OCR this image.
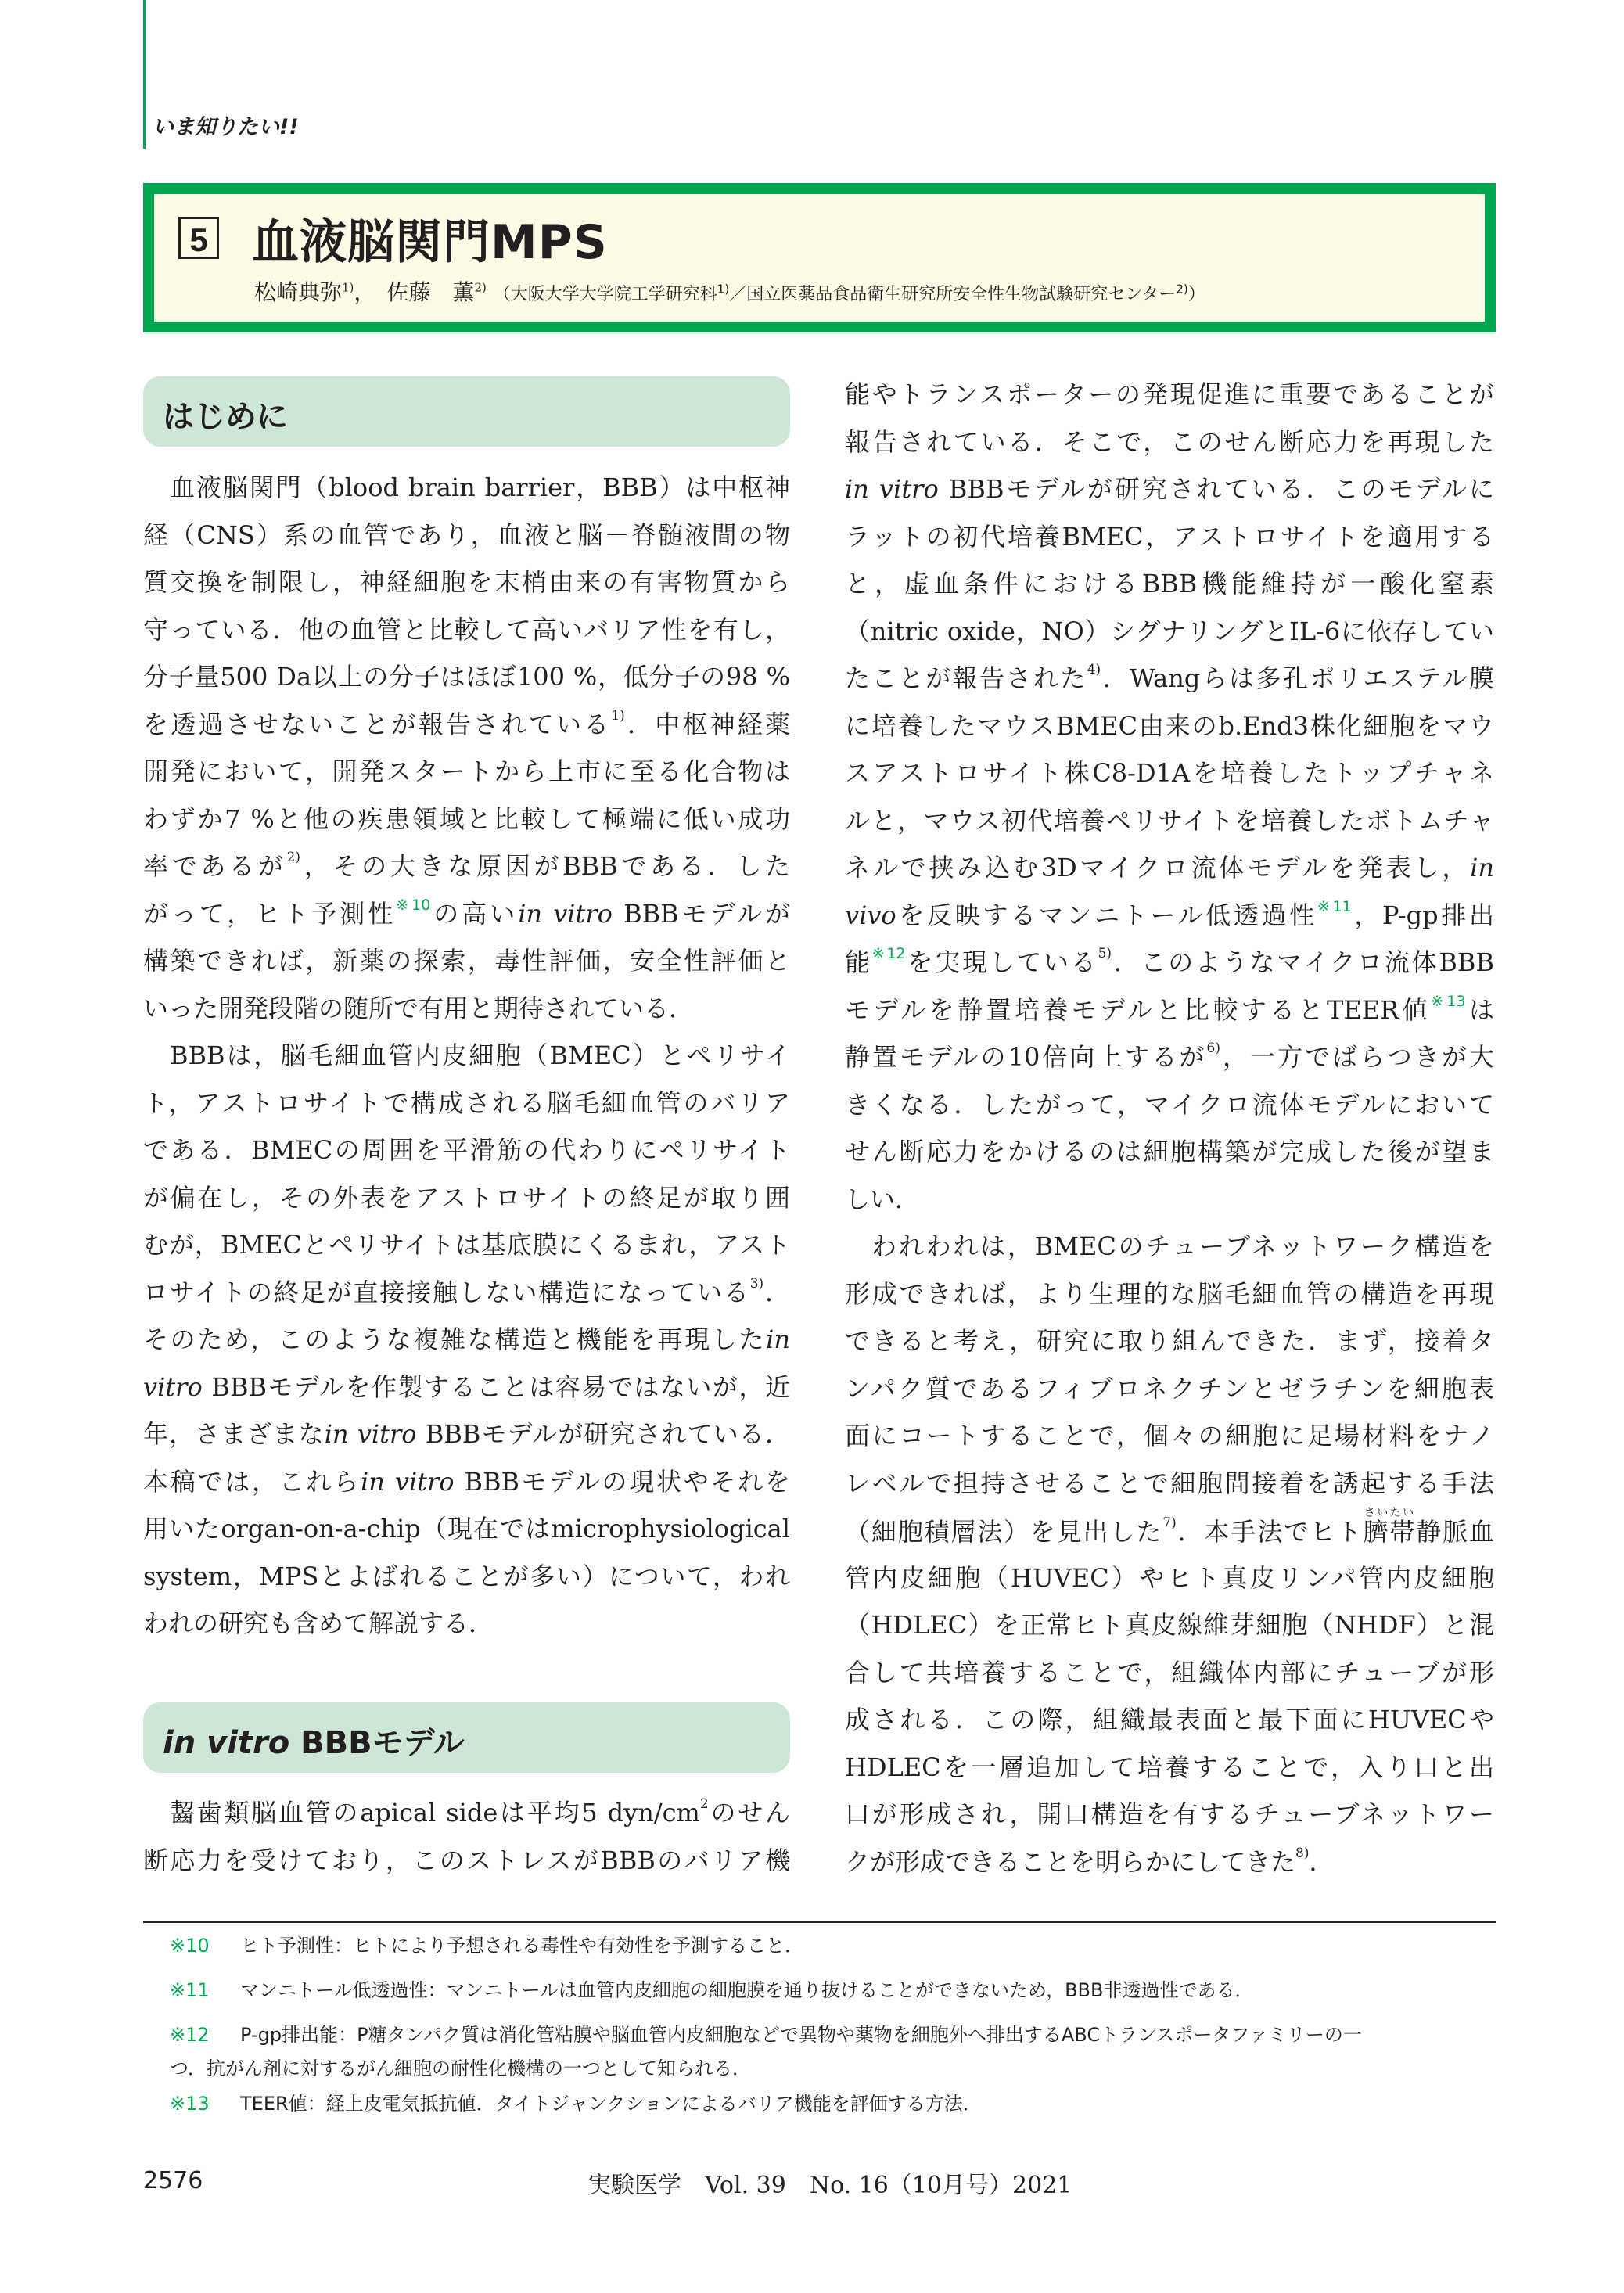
いま知りたい!!
5 血液脳関門MPS
松崎典弥$^{1)}$，　佐藤　薫$^{2)}$ （大阪大学大学院工学研究科$^{1)}$／国立医薬品食品衛生研究所安全性生物試験研究センター$^{2)}$）
はじめに
in vitro BBBモデル
血液脳関門（blood brain barrier，BBB）は中枢神
経（CNS）系の血管であり，血液と脳－脊髄液間の物
質交換を制限し，神経細胞を末梢由来の有害物質から
守っている．他の血管と比較して高いバリア性を有し，
分子量500 Da以上の分子はほぼ100 %，低分子の98 %
を透過させないことが報告されている$^{1)}$．中枢神経薬
開発において，開発スタートから上市に至る化合物は
わずか7 %と他の疾患領域と比較して極端に低い成功
率であるが$^{2)}$，その大きな原因がBBBである．した
がって，ヒト予測性$^{※10}$の高いin vitro BBBモデルが
構築できれば，新薬の探索，毒性評価，安全性評価と
いった開発段階の随所で有用と期待されている．
BBBは，脳毛細血管内皮細胞（BMEC）とペリサイ
ト，アストロサイトで構成される脳毛細血管のバリア
である．BMECの周囲を平滑筋の代わりにペリサイト
が偏在し，その外表をアストロサイトの終足が取り囲
むが，BMECとペリサイトは基底膜にくるまれ，アスト
ロサイトの終足が直接接触しない構造になっている$^{3)}$．
そのため，このような複雑な構造と機能を再現したin
vitro BBBモデルを作製することは容易ではないが，近
年，さまざまなin vitro BBBモデルが研究されている．
本稿では，これらin vitro BBBモデルの現状やそれを
用いたorgan-on-a-chip（現在ではmicrophysiological
system，MPSとよばれることが多い）について，われ
われの研究も含めて解説する．
齧歯類脳血管のapical sideは平均5 dyn/$cm^2$のせん
断応力を受けており，このストレスがBBBのバリア機
能やトランスポーターの発現促進に重要であることが
報告されている．そこで，このせん断応力を再現した
in vitro BBBモデルが研究されている．このモデルに
ラットの初代培養BMEC，アストロサイトを適用する
と，虚血条件におけるBBB機能維持が一酸化窒素
（nitric oxide，NO）シグナリングとIL-6に依存してい
たことが報告された$^{4)}$．Wangらは多孔ポリエステル膜
に培養したマウスBMEC由来のb.End3株化細胞をマウ
スアストロサイト株C8-D1Aを培養したトップチャネ
ルと，マウス初代培養ペリサイトを培養したボトムチャ
ネルで挟み込む3Dマイクロ流体モデルを発表し，in
vivoを反映するマンニトール低透過性$^{※11}$，P-gp排出
能$^{※12}$を実現している$^{5)}$．このようなマイクロ流体BBB
モデルを静置培養モデルと比較するとTEER値$^{※13}$は
静置モデルの10倍向上するが$^{6)}$，一方でばらつきが大
きくなる．したがって，マイクロ流体モデルにおいて
せん断応力をかけるのは細胞構築が完成した後が望ま
しい．
われわれは，BMECのチューブネットワーク構造を
形成できれば，より生理的な脳毛細血管の構造を再現
できると考え，研究に取り組んできた．まず，接着タ
ンパク質であるフィブロネクチンとゼラチンを細胞表
面にコートすることで，個々の細胞に足場材料をナノ
レベルで担持させることで細胞間接着を誘起する手法
（細胞積層法）を見出した$^{7)}$．本手法でヒト臍帯さいたい静脈血
管内皮細胞（HUVEC）やヒト真皮リンパ管内皮細胞
（HDLEC）を正常ヒト真皮線維芽細胞（NHDF）と混
合して共培養することで，組織体内部にチューブが形
成される．この際，組織最表面と最下面にHUVECや
HDLECを一層追加して培養することで，入り口と出
口が形成され，開口構造を有するチューブネットワー
クが形成できることを明らかにしてきた$^{8)}$．
※10 ヒト予測性：ヒトにより予想される毒性や有効性を予測すること．
※11 マンニトール低透過性：マンニトールは血管内皮細胞の細胞膜を通り抜けることができないため，BBB非透過性である．
※12 P-gp排出能：P糖タンパク質は消化管粘膜や脳血管内皮細胞などで異物や薬物を細胞外へ排出するABCトランスポータファミリーの一
つ．抗がん剤に対するがん細胞の耐性化機構の一つとして知られる．
※13 TEER値：経上皮電気抵抗値．タイトジャンクションによるバリア機能を評価する方法．
2576	実験医学　Vol. 39　No. 16（10月号）2021
